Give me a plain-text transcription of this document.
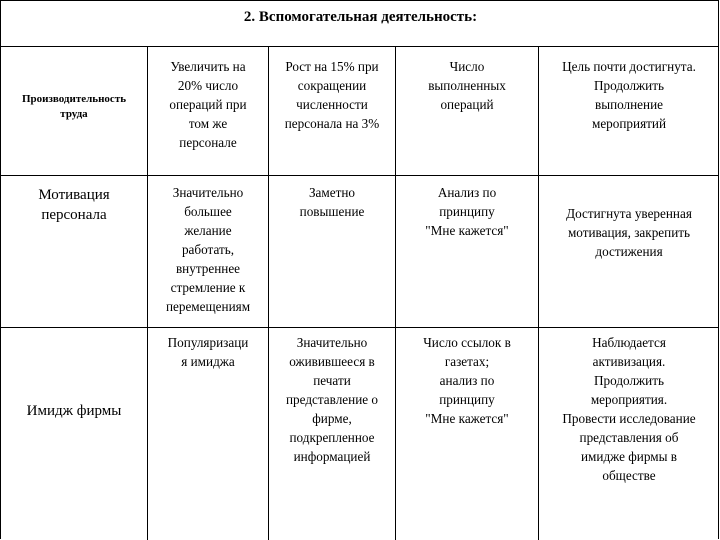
2. Вспомогательная деятельность:
Производительность
труда
Увеличить на
20% число
операций при
том же
персонале
Рост на 15% при
сокращении
численности
персонала на 3%
Число
выполненных
операций
Цель почти достигнута.
Продолжить
выполнение
мероприятий
Мотивация
персонала
Значительно
большее
желание
работать,
внутреннее
стремление к
перемещениям
Заметно
повышение
Анализ по
принципу
"Мне кажется"
Достигнута уверенная
мотивация, закрепить
достижения
Имидж фирмы
Популяризаци
я имиджа
Значительно
оживившееся в
печати
представление о
фирме,
подкрепленное
информацией
Число ссылок в
газетах;
анализ по
принципу
"Мне кажется"
Наблюдается
активизация.
Продолжить
мероприятия.
Провести исследование
представления об
имидже фирмы в
обществе
